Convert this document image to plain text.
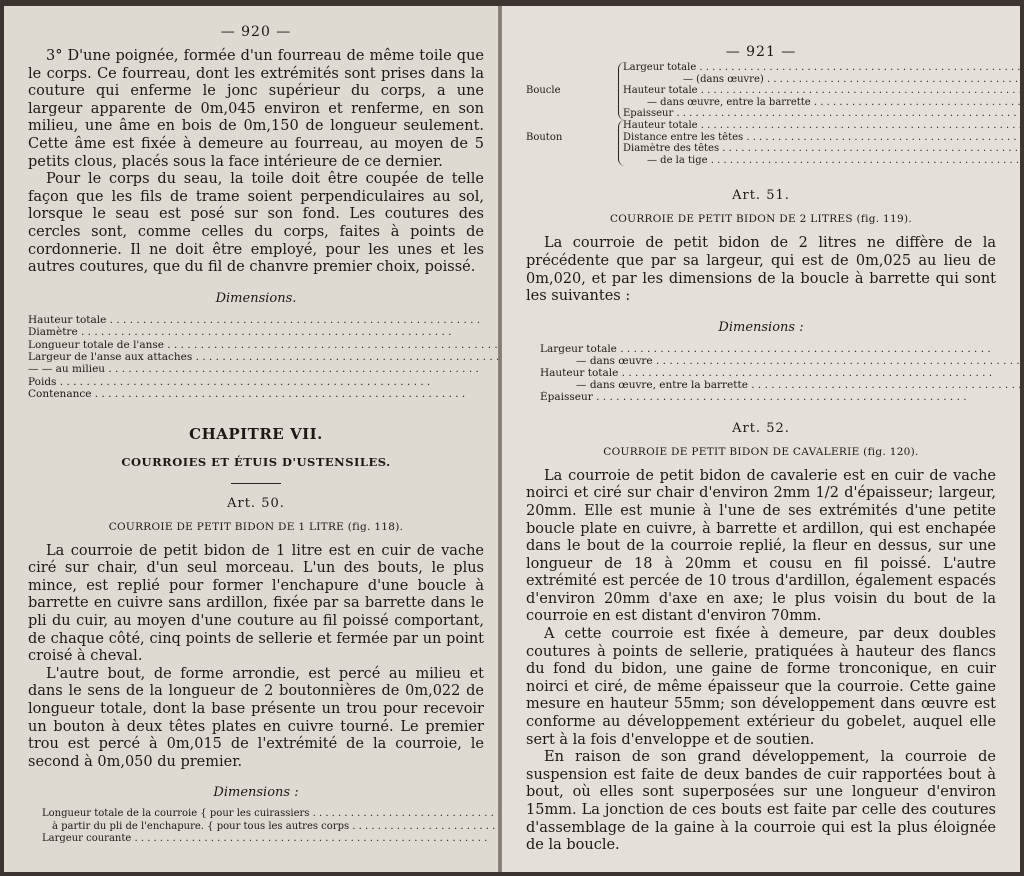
— 920 —

3° D'une poignée, formée d'un fourreau de même toile que le corps. Ce fourreau, dont les extrémités sont prises dans la couture qui enferme le jonc supérieur du corps, a une largeur apparente de 0m,045 environ et renferme, en son milieu, une âme en bois de 0m,150 de longueur seulement. Cette âme est fixée à demeure au fourreau, au moyen de 5 petits clous, placés sous la face intérieure de ce dernier.

Pour le corps du seau, la toile doit être coupée de telle façon que les fils de trame soient perpendiculaires au sol, lorsque le seau est posé sur son fond. Les coutures des cercles sont, comme celles du corps, faites à points de cordonnerie. Il ne doit être employé, pour les unes et les autres coutures, que du fil de chanvre premier choix, poissé.

Dimensions.
Hauteur totale . . .	
Diamètre . . .	
Longueur totale de l'anse . . .	
Largeur de l'anse aux attaches . . .	
— — au milieu . . .	
Poids . . .	
Contenance . . .	
CHAPITRE VII.
COURROIES ET ÉTUIS D'USTENSILES.
Art. 50.
COURROIE DE PETIT BIDON DE 1 LITRE (fig. 118).

La courroie de petit bidon de 1 litre est en cuir de vache ciré sur chair, d'un seul morceau. L'un des bouts, le plus mince, est replié pour former l'enchapure d'une boucle à barrette en cuivre sans ardillon, fixée par sa barrette dans le pli du cuir, au moyen d'une couture au fil poissé comportant, de chaque côté, cinq points de sellerie et fermée par un point croisé à cheval.

L'autre bout, de forme arrondie, est percé au milieu et dans le sens de la longueur de 2 boutonnières de 0m,022 de longueur totale, dont la base présente un trou pour recevoir un bouton à deux têtes plates en cuivre tourné. Le premier trou est percé à 0m,015 de l'extrémité de la courroie, le second à 0m,050 du premier.

Dimensions :
Longueur totale de la courroie { pour les cuirassiers . . .	
à partir du pli de l'enchapure. { pour tous les autres corps . . .	
Largeur courante . . .	
— 921 —
Boucle
Largeur totale . . .
— (dans œuvre) . . .
Hauteur totale . . .
— dans œuvre, entre la barrette . . .
Épaisseur . . .
Bouton
Hauteur totale . . .
Distance entre les têtes . . .
Diamètre des têtes . . .
— de la tige . . .
Art. 51.
COURROIE DE PETIT BIDON DE 2 LITRES (fig. 119).

La courroie de petit bidon de 2 litres ne diffère de la précédente que par sa largeur, qui est de 0m,025 au lieu de 0m,020, et par les dimensions de la boucle à barrette qui sont les suivantes :

Dimensions :
Largeur totale . . .	
— dans œuvre . . .	
Hauteur totale . . .	
— dans œuvre, entre la barrette . . .	
Épaisseur . . .	
Art. 52.
COURROIE DE PETIT BIDON DE CAVALERIE (fig. 120).

La courroie de petit bidon de cavalerie est en cuir de vache noirci et ciré sur chair d'environ 2mm 1/2 d'épaisseur; largeur, 20mm. Elle est munie à l'une de ses extrémités d'une petite boucle plate en cuivre, à barrette et ardillon, qui est enchapée dans le bout de la courroie replié, la fleur en dessus, sur une longueur de 18 à 20mm et cousu en fil poissé. L'autre extrémité est percée de 10 trous d'ardillon, également espacés d'environ 20mm d'axe en axe; le plus voisin du bout de la courroie en est distant d'environ 70mm.

A cette courroie est fixée à demeure, par deux doubles coutures à points de sellerie, pratiquées à hauteur des flancs du fond du bidon, une gaine de forme tronconique, en cuir noirci et ciré, de même épaisseur que la courroie. Cette gaine mesure en hauteur 55mm; son développement dans œuvre est conforme au développement extérieur du gobelet, auquel elle sert à la fois d'enveloppe et de soutien.

En raison de son grand développement, la courroie de suspension est faite de deux bandes de cuir rapportées bout à bout, où elles sont superposées sur une longueur d'environ 15mm. La jonction de ces bouts est faite par celle des coutures d'assemblage de la gaine à la courroie qui est la plus éloignée de la boucle.
